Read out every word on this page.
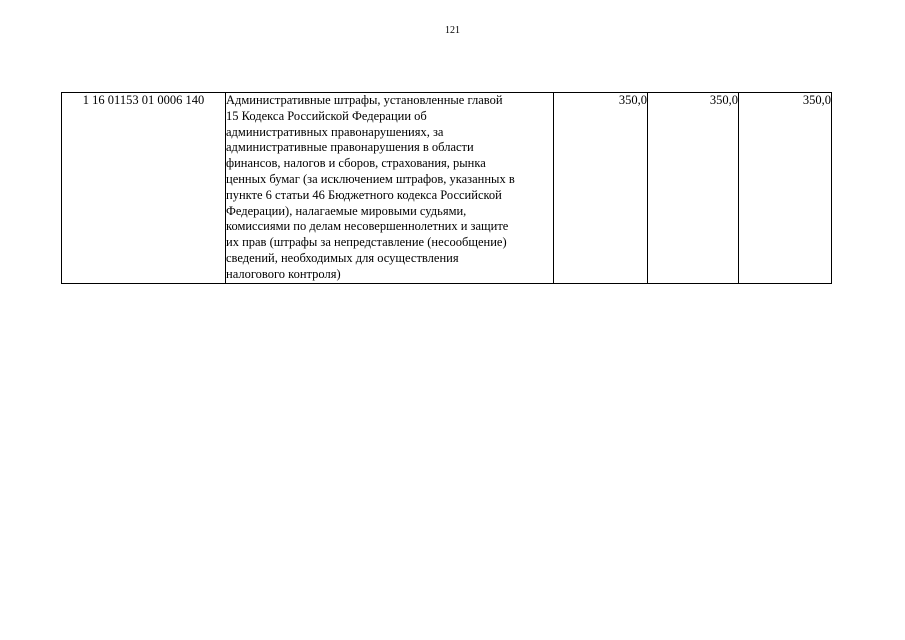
121
1 16 01153 01 0006 140	Административные штрафы, установленные главой
15 Кодекса Российской Федерации об
административных правонарушениях, за
административные правонарушения в области
финансов, налогов и сборов, страхования, рынка
ценных бумаг (за исключением штрафов, указанных в
пункте 6 статьи 46 Бюджетного кодекса Российской
Федерации), налагаемые мировыми судьями,
комиссиями по делам несовершеннолетних и защите
их прав (штрафы за непредставление (несообщение)
сведений, необходимых для осуществления
налогового контроля)
	350,0	350,0	350,0
